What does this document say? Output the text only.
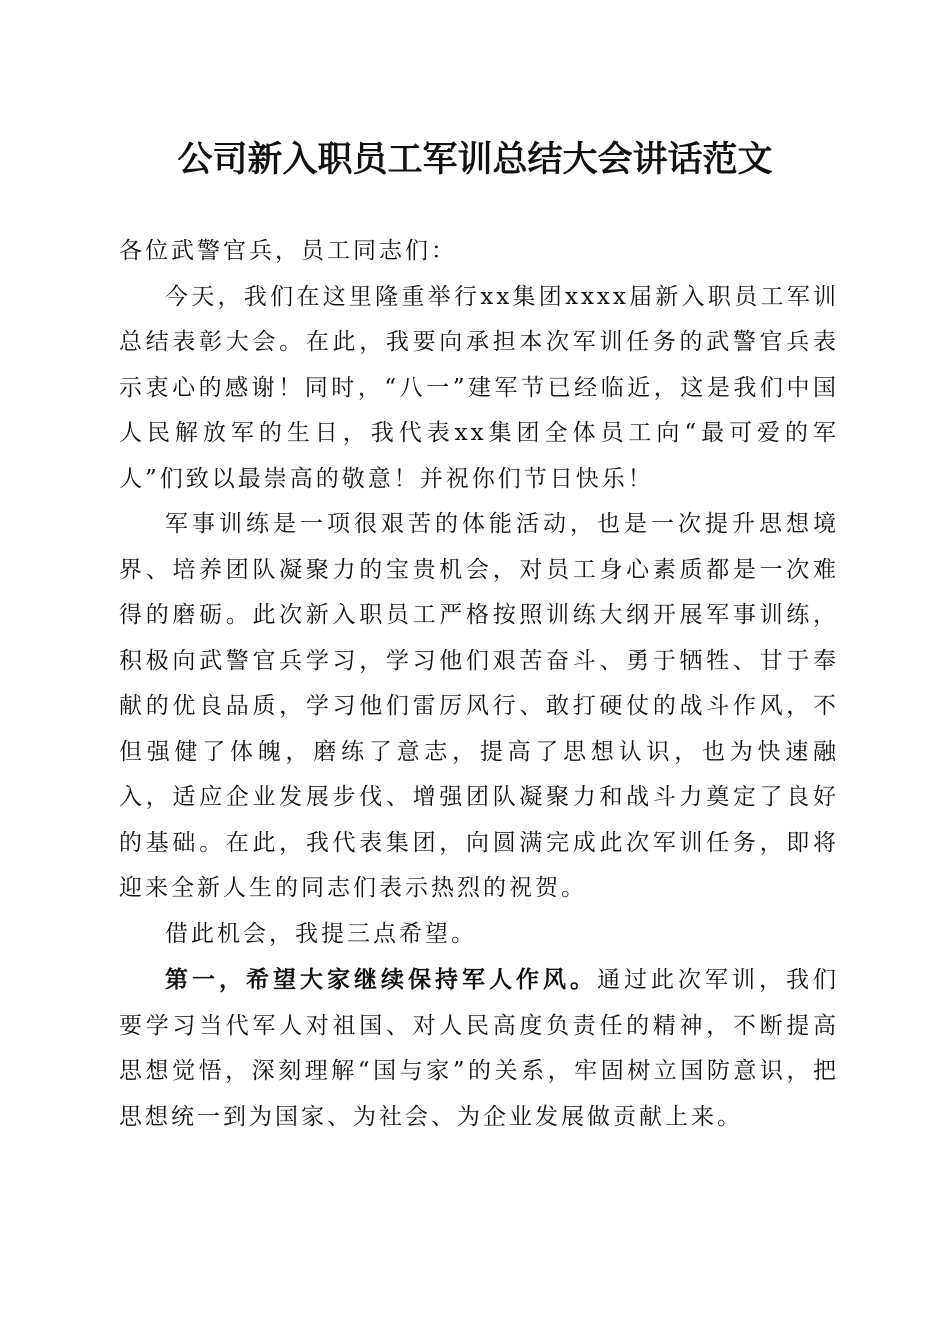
公司新入职员工军训总结大会讲话范文

各位武警官兵，员工同志们：

今天，我们在这里隆重举行xx集团xxxx届新入职员工军训总结表彰大会。在此，我要向承担本次军训任务的武警官兵表示衷心的感谢！同时，“八一”建军节已经临近，这是我们中国人民解放军的生日，我代表xx集团全体员工向“最可爱的军人”们致以最崇高的敬意！并祝你们节日快乐！

军事训练是一项很艰苦的体能活动，也是一次提升思想境界、培养团队凝聚力的宝贵机会，对员工身心素质都是一次难得的磨砺。此次新入职员工严格按照训练大纲开展军事训练，积极向武警官兵学习，学习他们艰苦奋斗、勇于牺牲、甘于奉献的优良品质，学习他们雷厉风行、敢打硬仗的战斗作风，不但强健了体魄，磨练了意志，提高了思想认识，也为快速融入，适应企业发展步伐、增强团队凝聚力和战斗力奠定了良好的基础。在此，我代表集团，向圆满完成此次军训任务，即将迎来全新人生的同志们表示热烈的祝贺。

借此机会，我提三点希望。

第一，希望大家继续保持军人作风。通过此次军训，我们要学习当代军人对祖国、对人民高度负责任的精神，不断提高思想觉悟，深刻理解“国与家”的关系，牢固树立国防意识，把思想统一到为国家、为社会、为企业发展做贡献上来。
